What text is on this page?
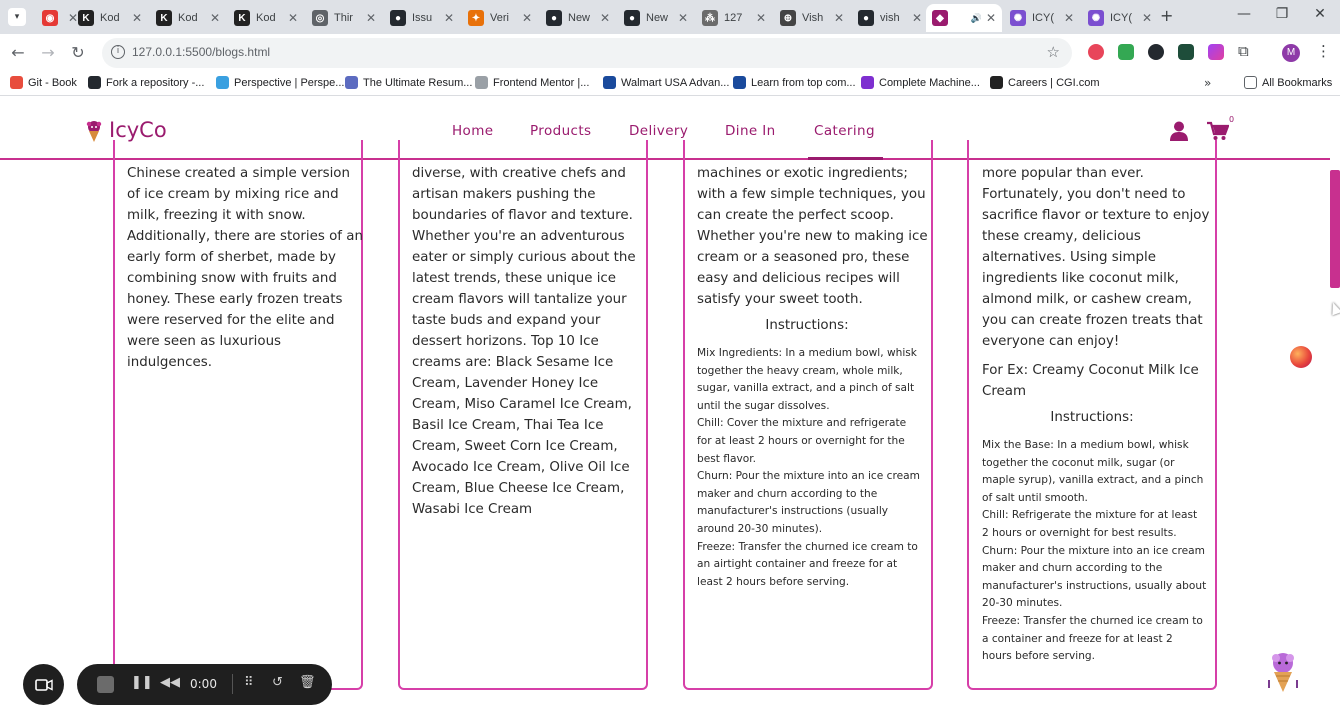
▾	◉	✕ K Kod	✕	K Kod	✕	K Kod	✕	◎ Thir	✕	● Issu ✕	✦ Veri	✕	● New ✕	● New ✕	⁂ 127	✕	⊕ Vish ✕	● vish	✕	◆	🔊 ✕	✺ ICY( ✕	✺ ICY( ✕ +	—	❐	✕
← → ↻	i	127.0.0.1:5500/blogs.html	☆	⧉	M	⋮
Git - Book	Fork a repository -...	Perspective | Perspe... The Ultimate Resum... Frontend Mentor |...	Walmart USA Advan... Learn from top com... Complete Machine...	Careers | CGI.com	»	All Bookmarks
IcyCo	Home	Products	Delivery	Dine In	Catering
0
Chinese created a simple version
of ice cream by mixing rice and
milk, freezing it with snow.
Additionally, there are stories of an
early form of sherbet, made by
combining snow with fruits and
honey. These early frozen treats
were reserved for the elite and
were seen as luxurious
indulgences.
diverse, with creative chefs and
artisan makers pushing the
boundaries of flavor and texture.
Whether you're an adventurous
eater or simply curious about the
latest trends, these unique ice
cream flavors will tantalize your
taste buds and expand your
dessert horizons. Top 10 Ice
creams are: Black Sesame Ice
Cream, Lavender Honey Ice
Cream, Miso Caramel Ice Cream,
Basil Ice Cream, Thai Tea Ice
Cream, Sweet Corn Ice Cream,
Avocado Ice Cream, Olive Oil Ice
Cream, Blue Cheese Ice Cream,
Wasabi Ice Cream
machines or exotic ingredients;
with a few simple techniques, you
can create the perfect scoop.
Whether you're new to making ice
cream or a seasoned pro, these
easy and delicious recipes will
satisfy your sweet tooth.
Instructions:
Mix Ingredients: In a medium bowl, whisk
together the heavy cream, whole milk,
sugar, vanilla extract, and a pinch of salt
until the sugar dissolves.
Chill: Cover the mixture and refrigerate
for at least 2 hours or overnight for the
best flavor.
Churn: Pour the mixture into an ice cream
maker and churn according to the
manufacturer's instructions (usually
around 20-30 minutes).
Freeze: Transfer the churned ice cream to
an airtight container and freeze for at
least 2 hours before serving.
more popular than ever.
Fortunately, you don't need to
sacrifice flavor or texture to enjoy
these creamy, delicious
alternatives. Using simple
ingredients like coconut milk,
almond milk, or cashew cream,
you can create frozen treats that
everyone can enjoy!
For Ex: Creamy Coconut Milk Ice
Cream
Instructions:
Mix the Base: In a medium bowl, whisk
together the coconut milk, sugar (or
maple syrup), vanilla extract, and a pinch
of salt until smooth.
Chill: Refrigerate the mixture for at least
2 hours or overnight for best results.
Churn: Pour the mixture into an ice cream
maker and churn according to the
manufacturer's instructions, usually about
20-30 minutes.
Freeze: Transfer the churned ice cream to
a container and freeze for at least 2
hours before serving.
❚❚ ◀◀ 0:00 ⠿ ↺ 🗑
